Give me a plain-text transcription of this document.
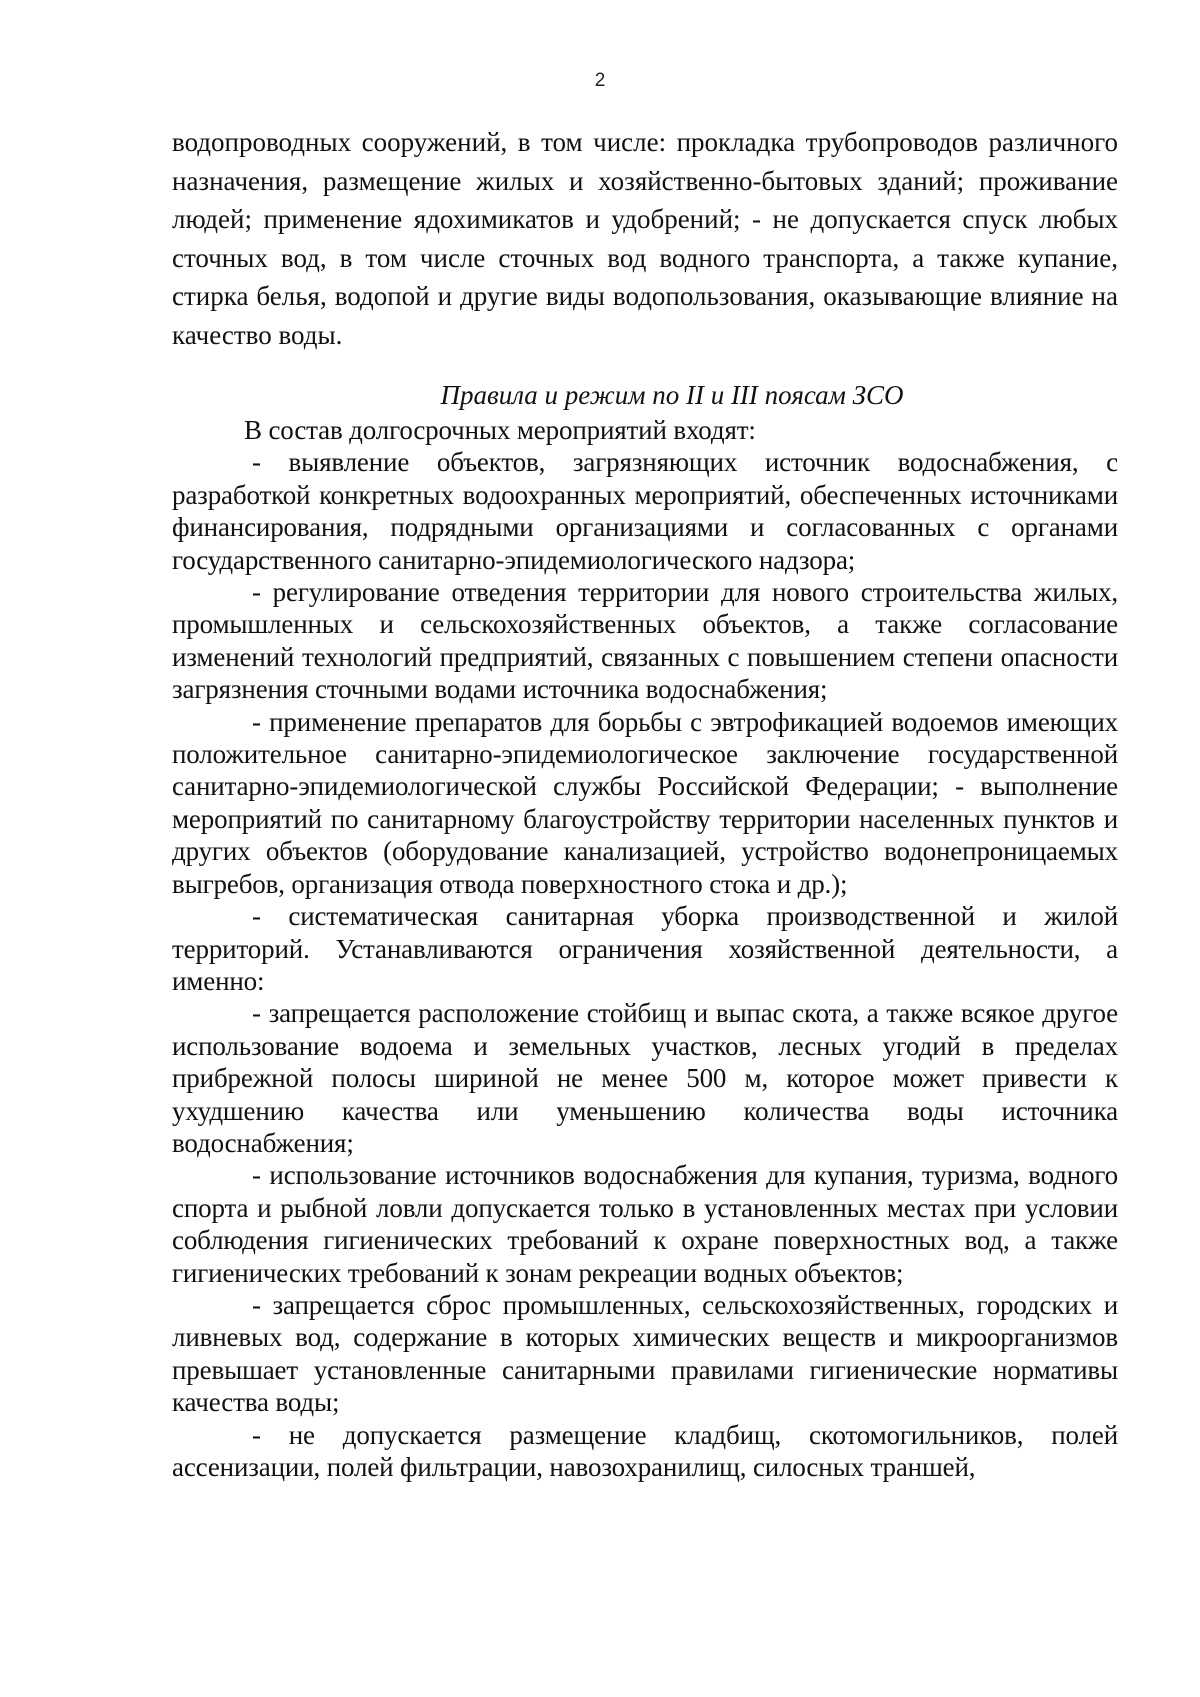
2

водопроводных сооружений, в том числе: прокладка трубопроводов различного назначения, размещение жилых и хозяйственно-бытовых зданий; проживание людей; применение ядохимикатов и удобрений; - не допускается спуск любых сточных вод, в том числе сточных вод водного транспорта, а также купание, стирка белья, водопой и другие виды водопользования, оказывающие влияние на качество воды.

Правила и режим по II и III поясам ЗСО

В состав долгосрочных мероприятий входят:

- выявление объектов, загрязняющих источник водоснабжения, с разработкой конкретных водоохранных мероприятий, обеспеченных источниками финансирования, подрядными организациями и согласованных с органами государственного санитарно-эпидемиологического надзора;

- регулирование отведения территории для нового строительства жилых, промышленных и сельскохозяйственных объектов, а также согласование изменений технологий предприятий, связанных с повышением степени опасности загрязнения сточными водами источника водоснабжения;

- применение препаратов для борьбы с эвтрофикацией водоемов имеющих положительное санитарно-эпидемиологическое заключение государственной санитарно-эпидемиологической службы Российской Федерации; - выполнение мероприятий по санитарному благоустройству территории населенных пунктов и других объектов (оборудование канализацией, устройство водонепроницаемых выгребов, организация отвода поверхностного стока и др.);

- систематическая санитарная уборка производственной и жилой территорий. Устанавливаются ограничения хозяйственной деятельности, а именно:

- запрещается расположение стойбищ и выпас скота, а также всякое другое использование водоема и земельных участков, лесных угодий в пределах прибрежной полосы шириной не менее 500 м, которое может привести к ухудшению качества или уменьшению количества воды источника водоснабжения;

- использование источников водоснабжения для купания, туризма, водного спорта и рыбной ловли допускается только в установленных местах при условии соблюдения гигиенических требований к охране поверхностных вод, а также гигиенических требований к зонам рекреации водных объектов;

- запрещается сброс промышленных, сельскохозяйственных, городских и ливневых вод, содержание в которых химических веществ и микроорганизмов превышает установленные санитарными правилами гигиенические нормативы качества воды;

- не допускается размещение кладбищ, скотомогильников, полей ассенизации, полей фильтрации, навозохранилищ, силосных траншей,
